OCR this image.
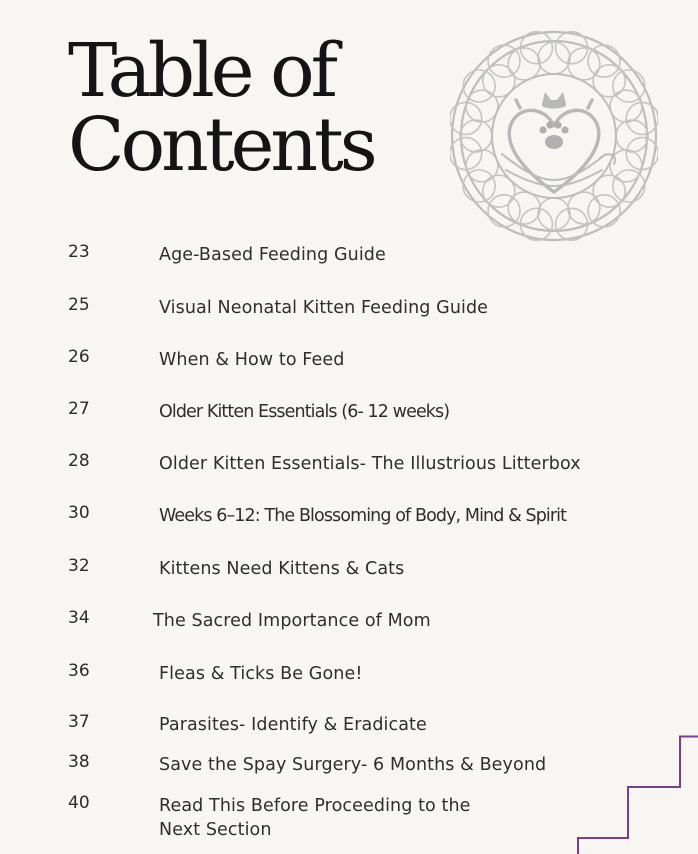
Table of
Contents
23	Age-Based Feeding Guide
25	Visual Neonatal Kitten Feeding Guide
26	When & How to Feed
27	Older Kitten Essentials (6- 12 weeks)
28	Older Kitten Essentials- The Illustrious Litterbox
30	Weeks 6–12: The Blossoming of Body, Mind & Spirit
32	Kittens Need Kittens & Cats
34	The Sacred Importance of Mom
36	Fleas & Ticks Be Gone!
37	Parasites- Identify & Eradicate
38	Save the Spay Surgery- 6 Months & Beyond
40	Read This Before Proceeding to the
Next Section
